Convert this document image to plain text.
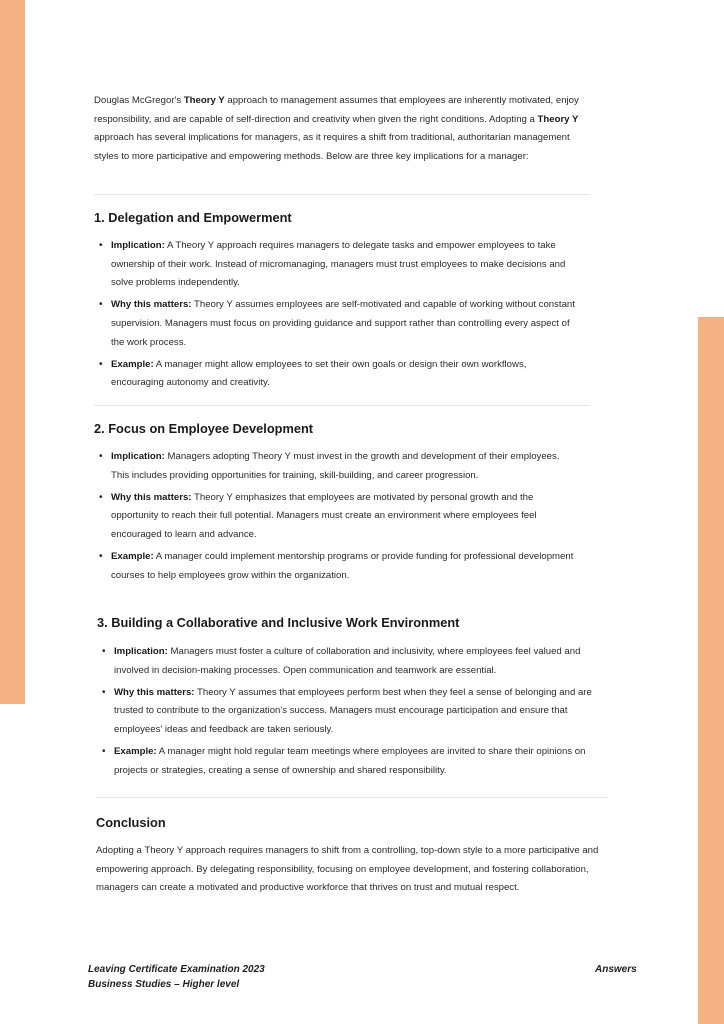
Douglas McGregor's Theory Y approach to management assumes that employees are inherently motivated, enjoy responsibility, and are capable of self-direction and creativity when given the right conditions. Adopting a Theory Y approach has several implications for managers, as it requires a shift from traditional, authoritarian management styles to more participative and empowering methods. Below are three key implications for a manager:

1. Delegation and Empowerment
• Implication: A Theory Y approach requires managers to delegate tasks and empower employees to take ownership of their work. Instead of micromanaging, managers must trust employees to make decisions and solve problems independently.
• Why this matters: Theory Y assumes employees are self-motivated and capable of working without constant supervision. Managers must focus on providing guidance and support rather than controlling every aspect of the work process.
• Example: A manager might allow employees to set their own goals or design their own workflows, encouraging autonomy and creativity.
2. Focus on Employee Development
• Implication: Managers adopting Theory Y must invest in the growth and development of their employees. This includes providing opportunities for training, skill-building, and career progression.
• Why this matters: Theory Y emphasizes that employees are motivated by personal growth and the opportunity to reach their full potential. Managers must create an environment where employees feel encouraged to learn and advance.
• Example: A manager could implement mentorship programs or provide funding for professional development courses to help employees grow within the organization.
3. Building a Collaborative and Inclusive Work Environment
• Implication: Managers must foster a culture of collaboration and inclusivity, where employees feel valued and involved in decision-making processes. Open communication and teamwork are essential.
• Why this matters: Theory Y assumes that employees perform best when they feel a sense of belonging and are trusted to contribute to the organization's success. Managers must encourage participation and ensure that employees' ideas and feedback are taken seriously.
• Example: A manager might hold regular team meetings where employees are invited to share their opinions on projects or strategies, creating a sense of ownership and shared responsibility.
Conclusion

Adopting a Theory Y approach requires managers to shift from a controlling, top-down style to a more participative and empowering approach. By delegating responsibility, focusing on employee development, and fostering collaboration, managers can create a motivated and productive workforce that thrives on trust and mutual respect.

Leaving Certificate Examination 2023
Business Studies – Higher level
Answers
